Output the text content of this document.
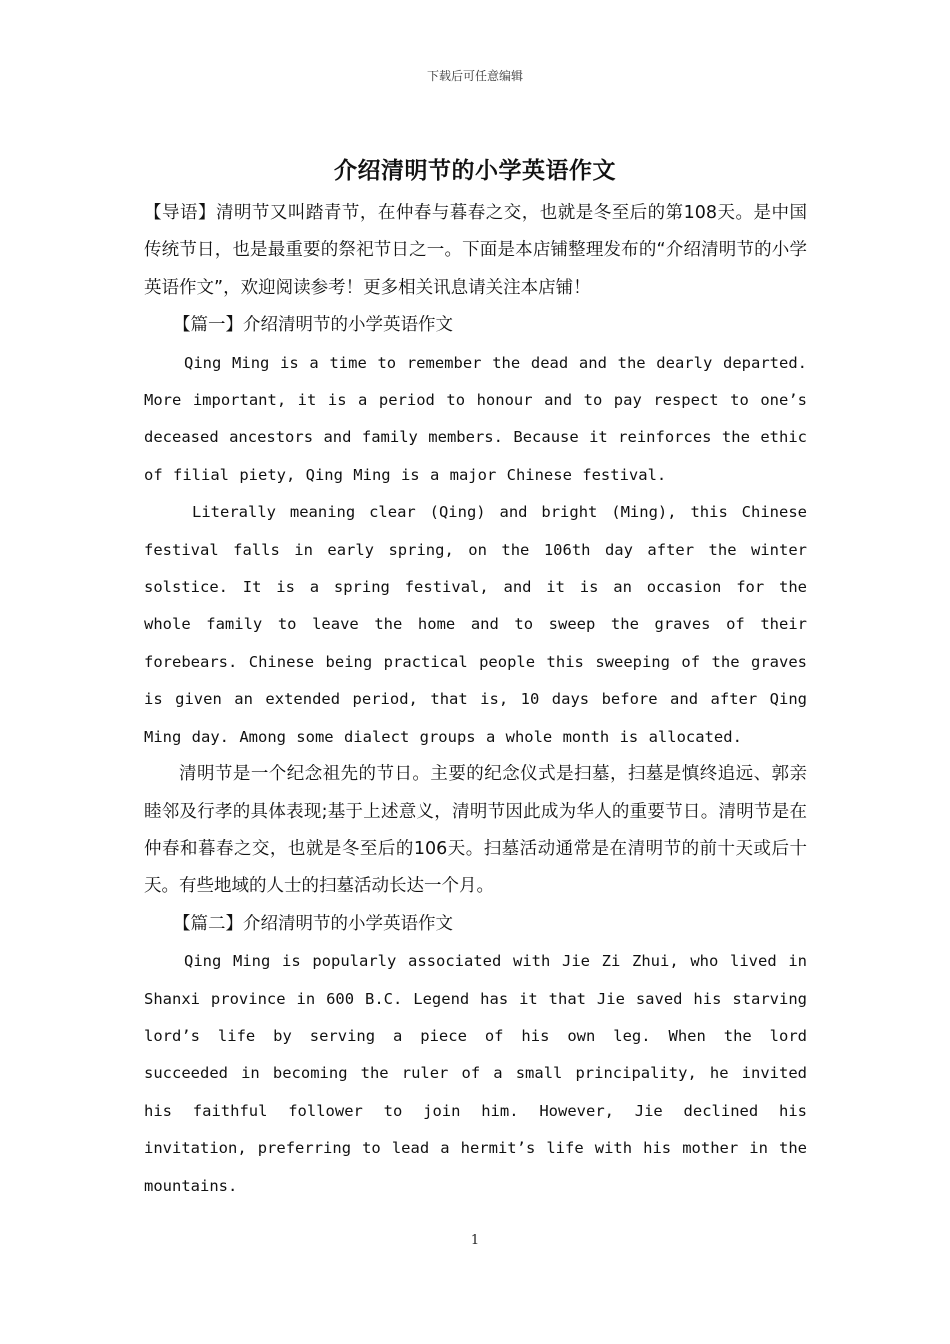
下载后可任意编辑
介绍清明节的小学英语作文

【导语】清明节又叫踏青节，在仲春与暮春之交，也就是冬至后的第108天。是中国传统节日，也是最重要的祭祀节日之一。下面是本店铺整理发布的“介绍清明节的小学英语作文”，欢迎阅读参考！更多相关讯息请关注本店铺！

【篇一】介绍清明节的小学英语作文

Qing Ming is a time to remember the dead and the dearly departed. More important, it is a period to honour and to pay respect to one’s deceased ancestors and family members. Because it reinforces the ethic of filial piety, Qing Ming is a major Chinese festival.

Literally meaning clear (Qing) and bright (Ming), this Chinese festival falls in early spring, on the 106th day after the winter solstice. It is a spring festival, and it is an occasion for the whole family to leave the home and to sweep the graves of their forebears. Chinese being practical people this sweeping of the graves is given an extended period, that is, 10 days before and after Qing Ming day. Among some dialect groups a whole month is allocated.

清明节是一个纪念祖先的节日。主要的纪念仪式是扫墓，扫墓是慎终追远、郭亲睦邻及行孝的具体表现;基于上述意义，清明节因此成为华人的重要节日。清明节是在仲春和暮春之交，也就是冬至后的106天。扫墓活动通常是在清明节的前十天或后十天。有些地域的人士的扫墓活动长达一个月。

【篇二】介绍清明节的小学英语作文

Qing Ming is popularly associated with Jie Zi Zhui, who lived in Shanxi province in 600 B.C. Legend has it that Jie saved his starving lord’s life by serving a piece of his own leg. When the lord succeeded in becoming the ruler of a small principality, he invited his faithful follower to join him. However, Jie declined his invitation, preferring to lead a hermit’s life with his mother in the mountains.

1
